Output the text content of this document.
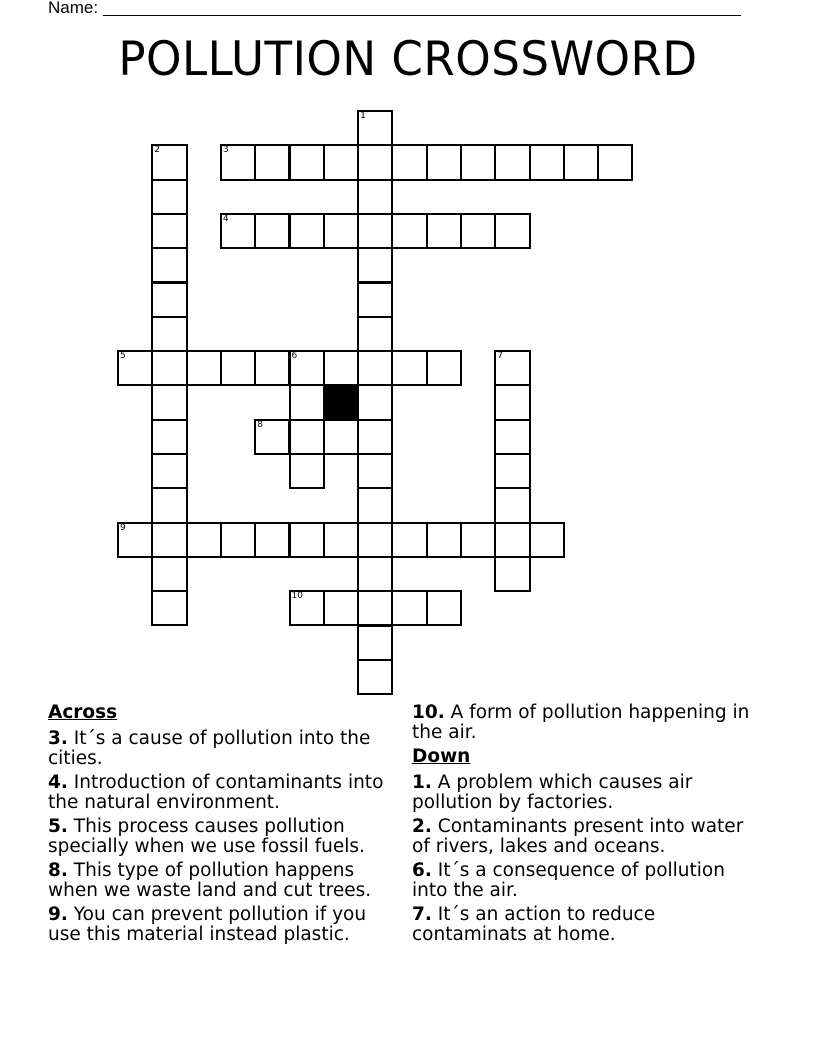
Name:
POLLUTION CROSSWORD
1
2	3
4
5	6	7
8
9
10
Across
3. It´s a cause of pollution into the cities.
4. Introduction of contaminants into the natural environment.
5. This process causes pollution specially when we use fossil fuels.
8. This type of pollution happens when we waste land and cut trees.
9. You can prevent pollution if you use this material instead plastic.
10. A form of pollution happening in the air.
Down
1. A problem which causes air pollution by factories.
2. Contaminants present into water of rivers, lakes and oceans.
6. It´s a consequence of pollution into the air.
7. It´s an action to reduce contaminats at home.
